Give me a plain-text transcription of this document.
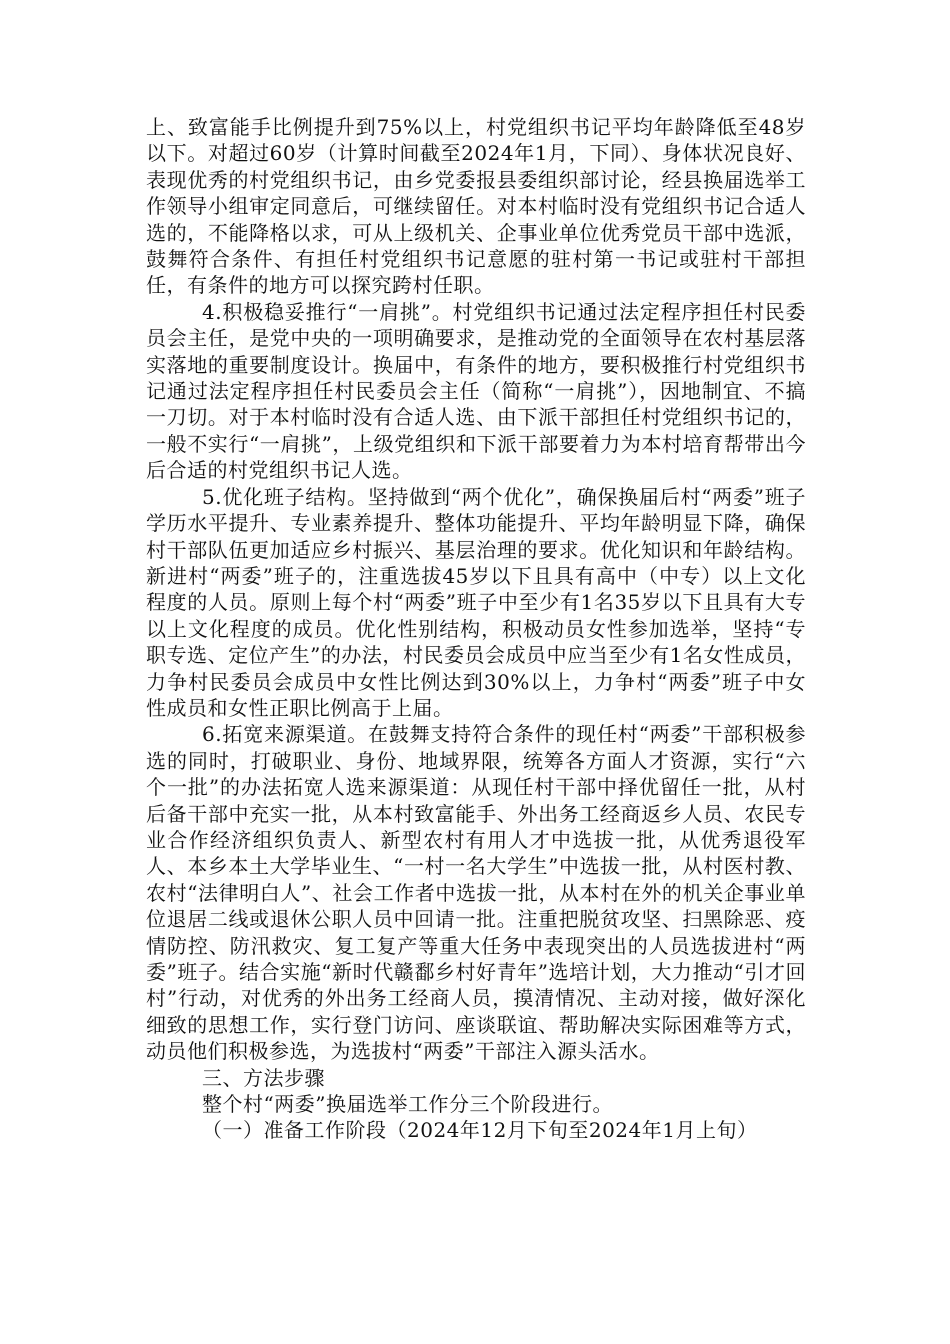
上、致富能手比例提升到75%以上，村党组织书记平均年龄降低至48岁以下。对超过60岁（计算时间截至2024年1月，下同）、身体状况良好、表现优秀的村党组织书记，由乡党委报县委组织部讨论，经县换届选举工作领导小组审定同意后，可继续留任。对本村临时没有党组织书记合适人选的，不能降格以求，可从上级机关、企事业单位优秀党员干部中选派，鼓舞符合条件、有担任村党组织书记意愿的驻村第一书记或驻村干部担任，有条件的地方可以探究跨村任职。

4.积极稳妥推行“一肩挑”。村党组织书记通过法定程序担任村民委员会主任，是党中央的一项明确要求，是推动党的全面领导在农村基层落实落地的重要制度设计。换届中，有条件的地方，要积极推行村党组织书记通过法定程序担任村民委员会主任（简称“一肩挑”），因地制宜、不搞一刀切。对于本村临时没有合适人选、由下派干部担任村党组织书记的，一般不实行“一肩挑”，上级党组织和下派干部要着力为本村培育帮带出今后合适的村党组织书记人选。

5.优化班子结构。坚持做到“两个优化”，确保换届后村“两委”班子学历水平提升、专业素养提升、整体功能提升、平均年龄明显下降，确保村干部队伍更加适应乡村振兴、基层治理的要求。优化知识和年龄结构。新进村“两委”班子的，注重选拔45岁以下且具有高中（中专）以上文化程度的人员。原则上每个村“两委”班子中至少有1名35岁以下且具有大专以上文化程度的成员。优化性别结构，积极动员女性参加选举，坚持“专职专选、定位产生”的办法，村民委员会成员中应当至少有1名女性成员，力争村民委员会成员中女性比例达到30%以上，力争村“两委”班子中女性成员和女性正职比例高于上届。

6.拓宽来源渠道。在鼓舞支持符合条件的现任村“两委”干部积极参选的同时，打破职业、身份、地域界限，统筹各方面人才资源，实行“六个一批”的办法拓宽人选来源渠道：从现任村干部中择优留任一批，从村后备干部中充实一批，从本村致富能手、外出务工经商返乡人员、农民专业合作经济组织负责人、新型农村有用人才中选拔一批，从优秀退役军人、本乡本土大学毕业生、“一村一名大学生”中选拔一批，从村医村教、农村“法律明白人”、社会工作者中选拔一批，从本村在外的机关企事业单位退居二线或退休公职人员中回请一批。注重把脱贫攻坚、扫黑除恶、疫情防控、防汛救灾、复工复产等重大任务中表现突出的人员选拔进村“两委”班子。结合实施“新时代赣鄱乡村好青年”选培计划，大力推动“引才回村”行动，对优秀的外出务工经商人员，摸清情况、主动对接，做好深化细致的思想工作，实行登门访问、座谈联谊、帮助解决实际困难等方式，动员他们积极参选，为选拔村“两委”干部注入源头活水。

三、方法步骤

整个村“两委”换届选举工作分三个阶段进行。

（一）准备工作阶段（2024年12月下旬至2024年1月上旬）
